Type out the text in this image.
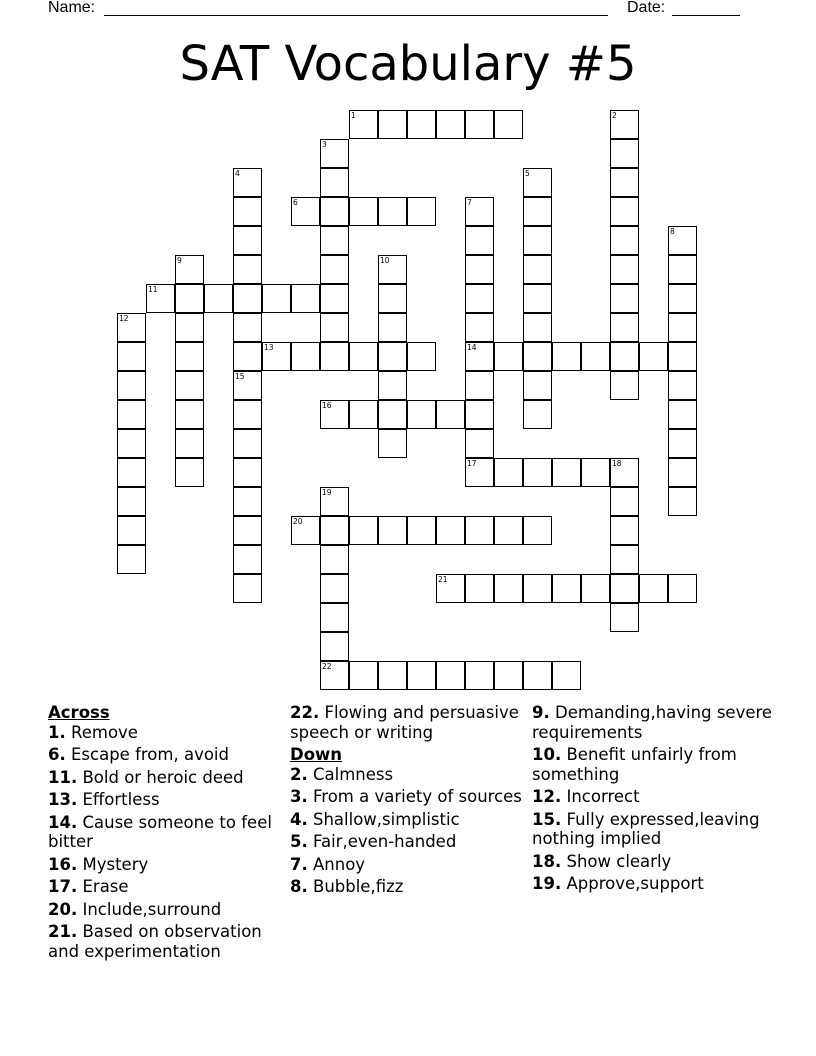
Name:	Date:
SAT Vocabulary #5
1
6
11
13	14
16
17	18
20
21
22
2
3
4	5
7
8
9	10
12
15
19

Across

1. Remove

6. Escape from, avoid

11. Bold or heroic deed

13. Effortless

14. Cause someone to feel bitter

16. Mystery

17. Erase

20. Include,surround

21. Based on observation and experimentation

22. Flowing and persuasive speech or writing

Down

2. Calmness

3. From a variety of sources

4. Shallow,simplistic

5. Fair,even-handed

7. Annoy

8. Bubble,fizz

9. Demanding,having severe requirements

10. Benefit unfairly from something

12. Incorrect

15. Fully expressed,leaving nothing implied

18. Show clearly

19. Approve,support
